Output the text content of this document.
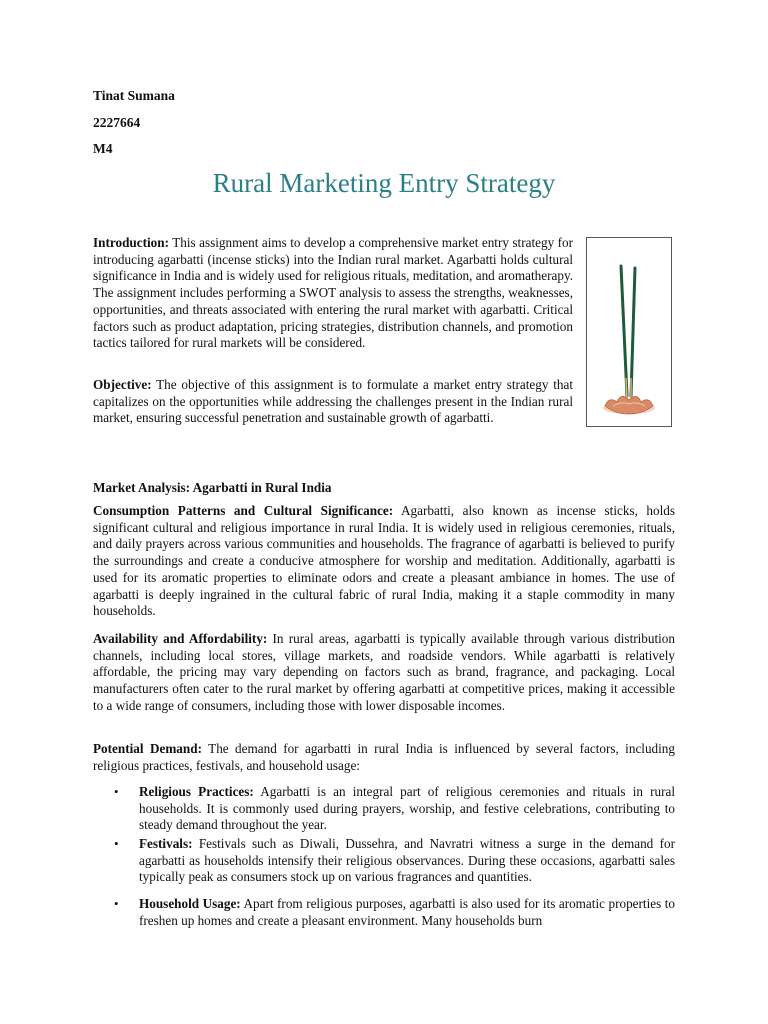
Tinat Sumana
2227664
M4
Rural Marketing Entry Strategy

Introduction: This assignment aims to develop a comprehensive market entry strategy for introducing agarbatti (incense sticks) into the Indian rural market. Agarbatti holds cultural significance in India and is widely used for religious rituals, meditation, and aromatherapy. The assignment includes performing a SWOT analysis to assess the strengths, weaknesses, opportunities, and threats associated with entering the rural market with agarbatti. Critical factors such as product adaptation, pricing strategies, distribution channels, and promotion tactics tailored for rural markets will be considered.

Objective: The objective of this assignment is to formulate a market entry strategy that capitalizes on the opportunities while addressing the challenges present in the Indian rural market, ensuring successful penetration and sustainable growth of agarbatti.

Market Analysis: Agarbatti in Rural India

Consumption Patterns and Cultural Significance: Agarbatti, also known as incense sticks, holds significant cultural and religious importance in rural India. It is widely used in religious ceremonies, rituals, and daily prayers across various communities and households. The fragrance of agarbatti is believed to purify the surroundings and create a conducive atmosphere for worship and meditation. Additionally, agarbatti is used for its aromatic properties to eliminate odors and create a pleasant ambiance in homes. The use of agarbatti is deeply ingrained in the cultural fabric of rural India, making it a staple commodity in many households.

Availability and Affordability: In rural areas, agarbatti is typically available through various distribution channels, including local stores, village markets, and roadside vendors. While agarbatti is relatively affordable, the pricing may vary depending on factors such as brand, fragrance, and packaging. Local manufacturers often cater to the rural market by offering agarbatti at competitive prices, making it accessible to a wide range of consumers, including those with lower disposable incomes.

Potential Demand: The demand for agarbatti in rural India is influenced by several factors, including religious practices, festivals, and household usage:

• Religious Practices: Agarbatti is an integral part of religious ceremonies and rituals in rural households. It is commonly used during prayers, worship, and festive celebrations, contributing to steady demand throughout the year.
• Festivals: Festivals such as Diwali, Dussehra, and Navratri witness a surge in the demand for agarbatti as households intensify their religious observances. During these occasions, agarbatti sales typically peak as consumers stock up on various fragrances and quantities.
• Household Usage: Apart from religious purposes, agarbatti is also used for its aromatic properties to freshen up homes and create a pleasant environment. Many households burn
